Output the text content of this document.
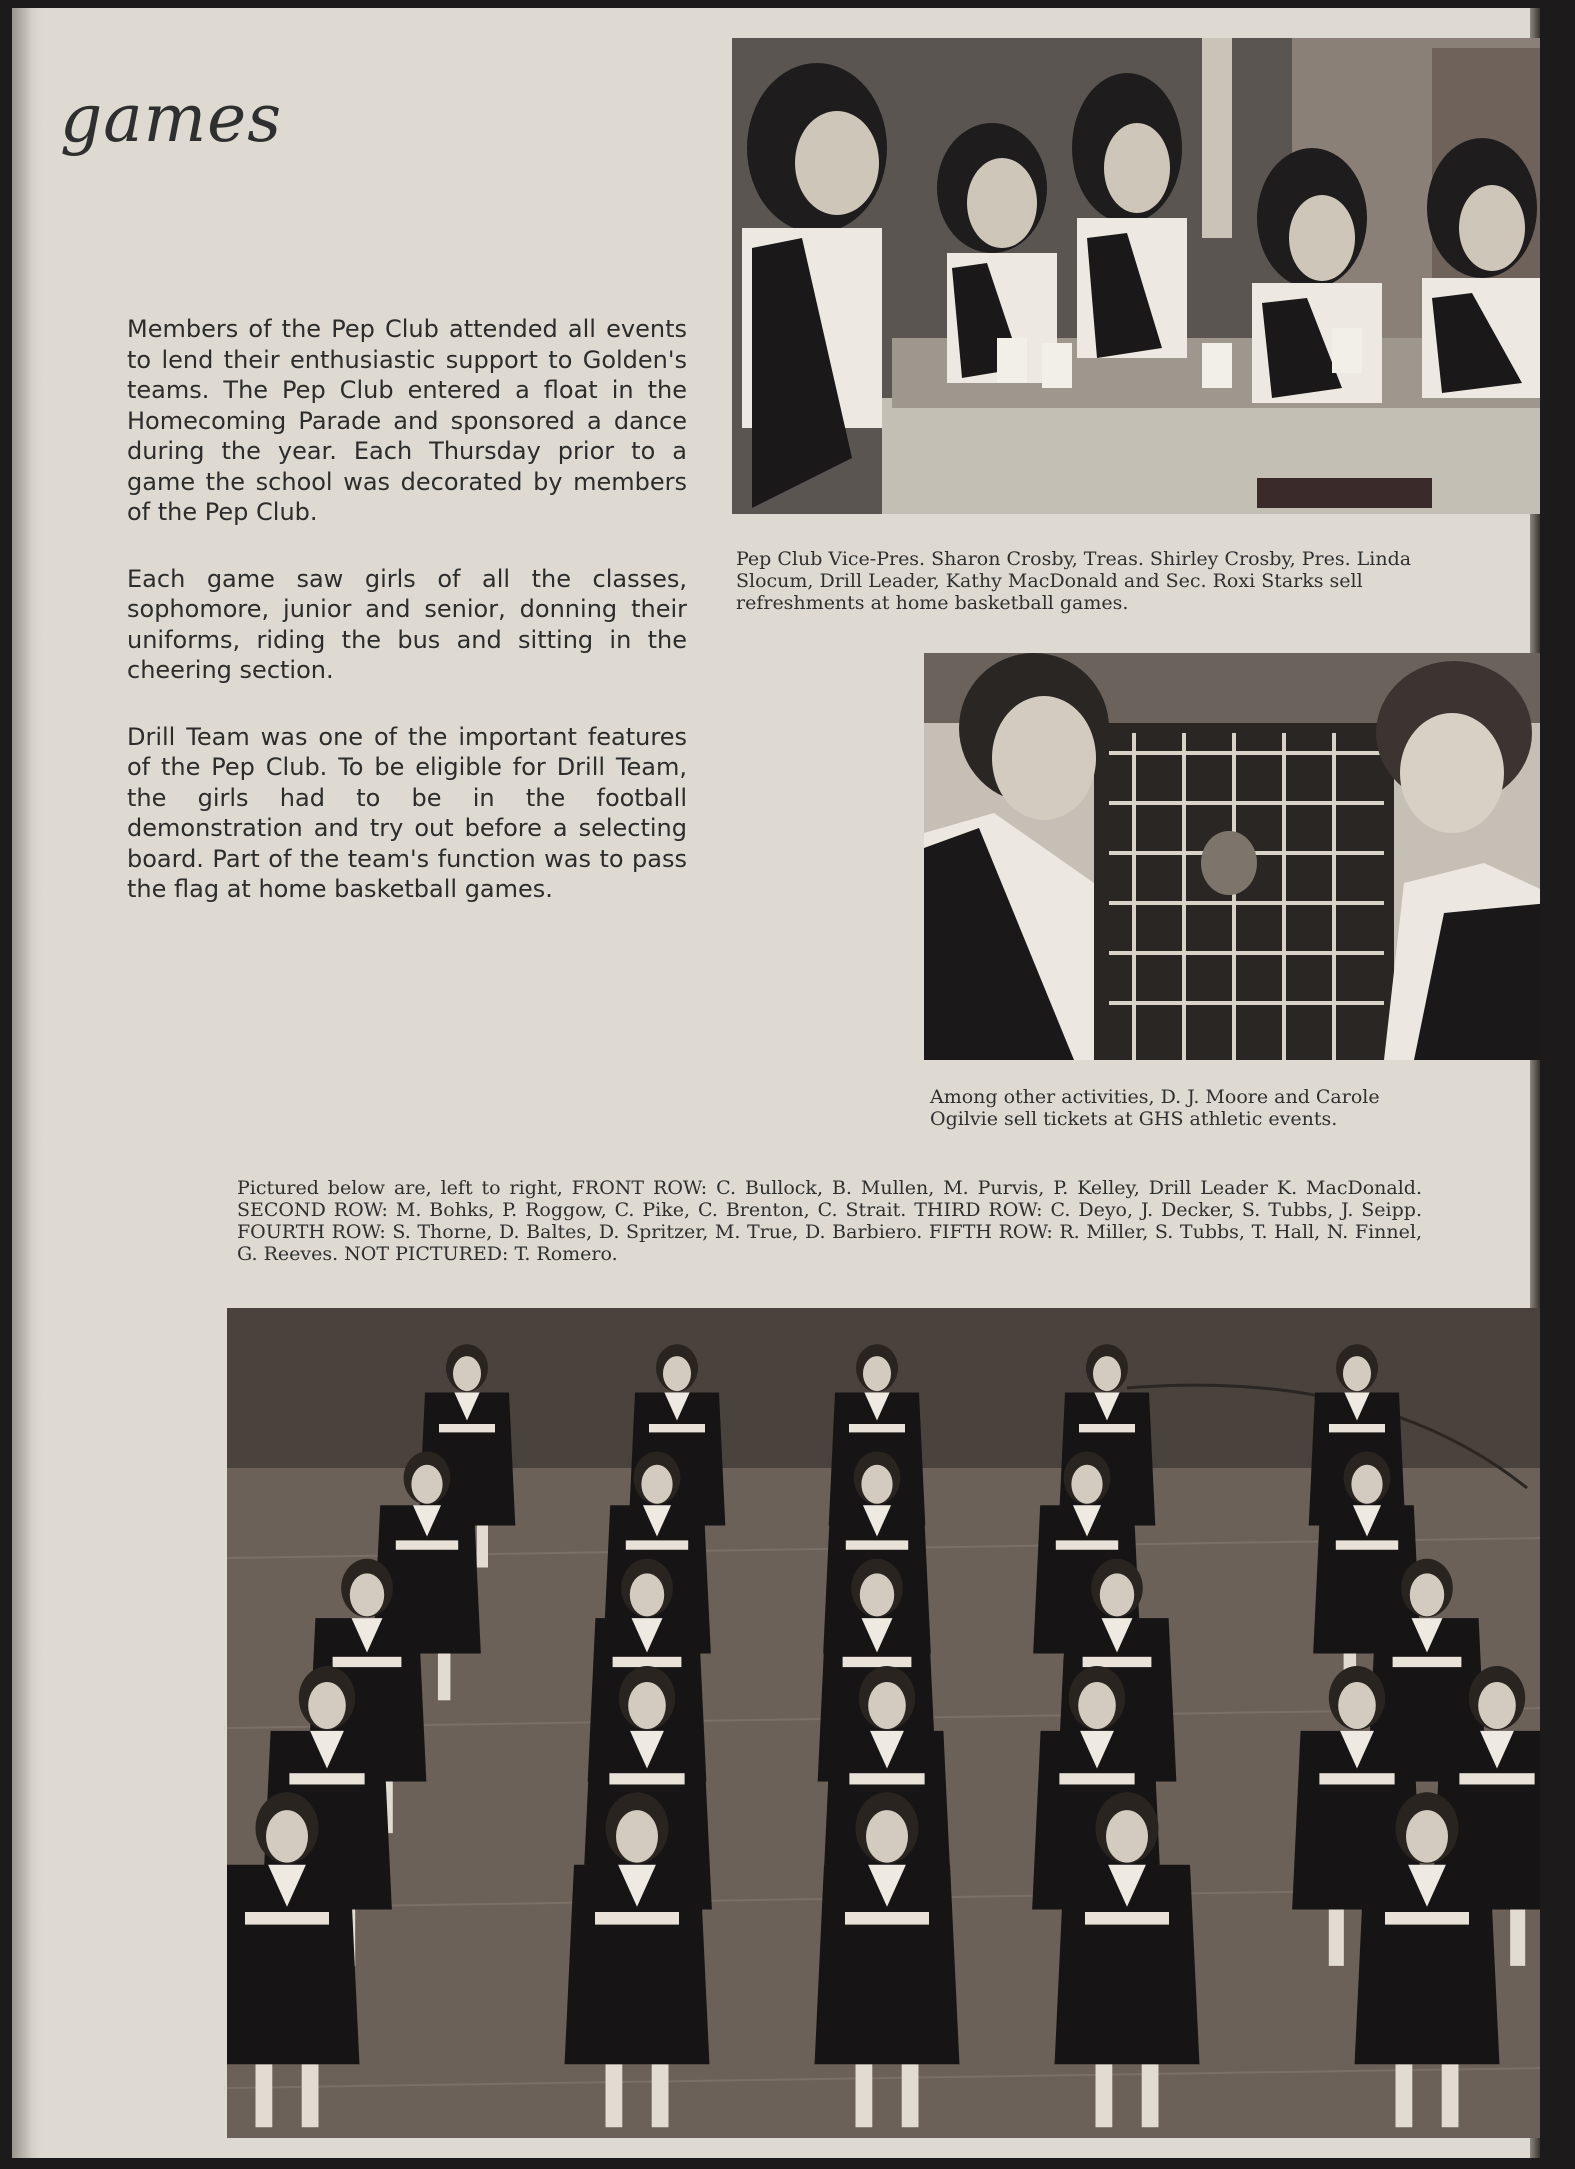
games

Members of the Pep Club attended all events to lend their enthusiastic support to Golden's teams. The Pep Club entered a float in the Homecoming Parade and sponsored a dance during the year. Each Thursday prior to a game the school was decorated by members of the Pep Club.

Each game saw girls of all the classes, sophomore, junior and senior, donning their uniforms, riding the bus and sitting in the cheering section.

Drill Team was one of the important features of the Pep Club. To be eligible for Drill Team, the girls had to be in the football demonstration and try out before a selecting board. Part of the team's function was to pass the flag at home basketball games.

Pep Club Vice-Pres. Sharon Crosby, Treas. Shirley Crosby, Pres. Linda Slocum, Drill Leader, Kathy MacDonald and Sec. Roxi Starks sell refreshments at home basketball games.
Among other activities, D. J. Moore and Carole Ogilvie sell tickets at GHS athletic events.
Pictured below are, left to right, FRONT ROW: C. Bullock, B. Mullen, M. Purvis, P. Kelley, Drill Leader K. MacDonald. SECOND ROW: M. Bohks, P. Roggow, C. Pike, C. Brenton, C. Strait. THIRD ROW: C. Deyo, J. Decker, S. Tubbs, J. Seipp. FOURTH ROW: S. Thorne, D. Baltes, D. Spritzer, M. True, D. Barbiero. FIFTH ROW: R. Miller, S. Tubbs, T. Hall, N. Finnel, G. Reeves. NOT PICTURED: T. Romero.
